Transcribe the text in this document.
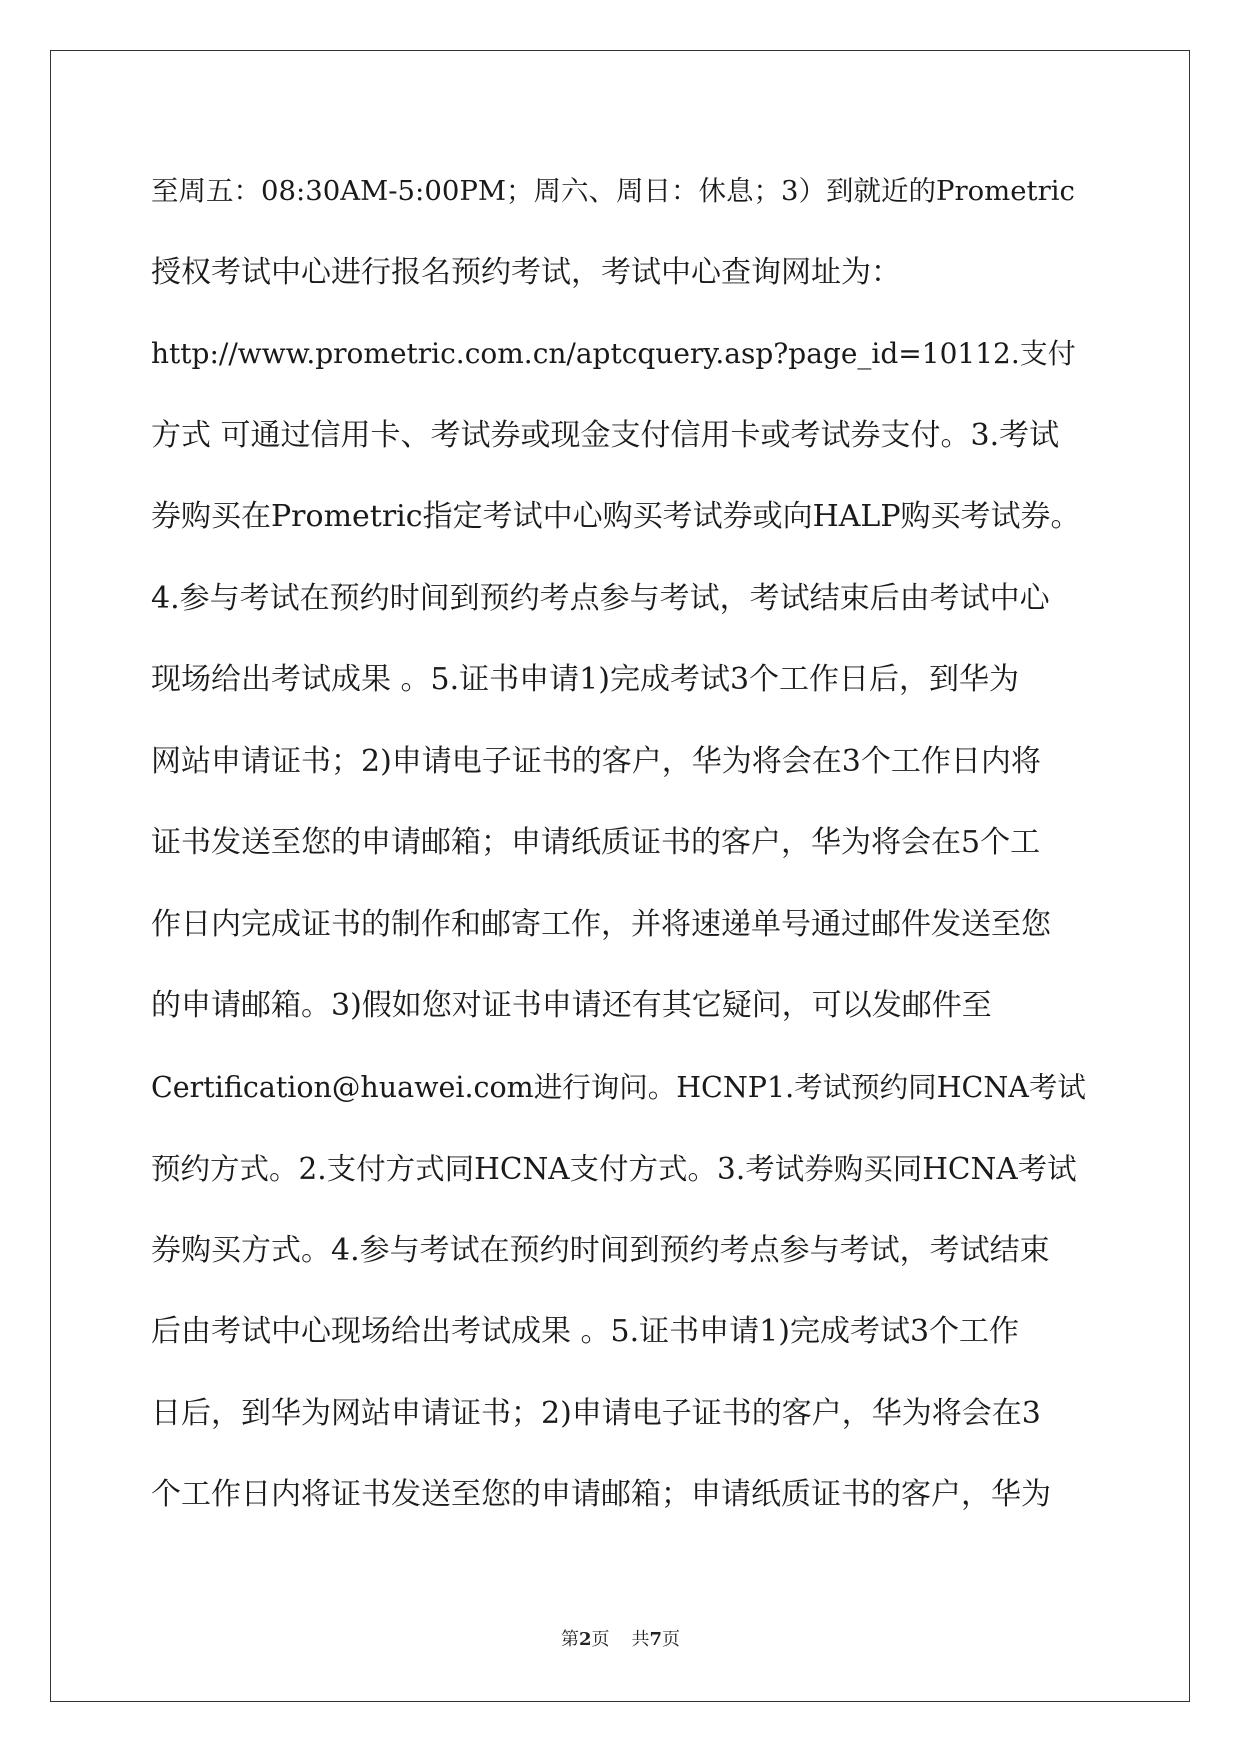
至周五：08:30AM-5:00PM；周六、周日：休息；3）到就近的Prometric
授权考试中心进行报名预约考试，考试中心查询网址为：
http://www.prometric.com.cn/aptcquery.asp?page_id=10112.支付
方式 可通过信用卡、考试券或现金支付信用卡或考试券支付。3.考试
券购买在Prometric指定考试中心购买考试券或向HALP购买考试券。
4.参与考试在预约时间到预约考点参与考试，考试结束后由考试中心
现场给出考试成果 。5.证书申请1)完成考试3个工作日后，到华为
网站申请证书；2)申请电子证书的客户，华为将会在3个工作日内将
证书发送至您的申请邮箱；申请纸质证书的客户，华为将会在5个工
作日内完成证书的制作和邮寄工作，并将速递单号通过邮件发送至您
的申请邮箱。3)假如您对证书申请还有其它疑问，可以发邮件至
Certification@huawei.com进行询问。HCNP1.考试预约同HCNA考试
预约方式。2.支付方式同HCNA支付方式。3.考试券购买同HCNA考试
券购买方式。4.参与考试在预约时间到预约考点参与考试，考试结束
后由考试中心现场给出考试成果 。5.证书申请1)完成考试3个工作
日后，到华为网站申请证书；2)申请电子证书的客户，华为将会在3
个工作日内将证书发送至您的申请邮箱；申请纸质证书的客户，华为
第2页 共7页
